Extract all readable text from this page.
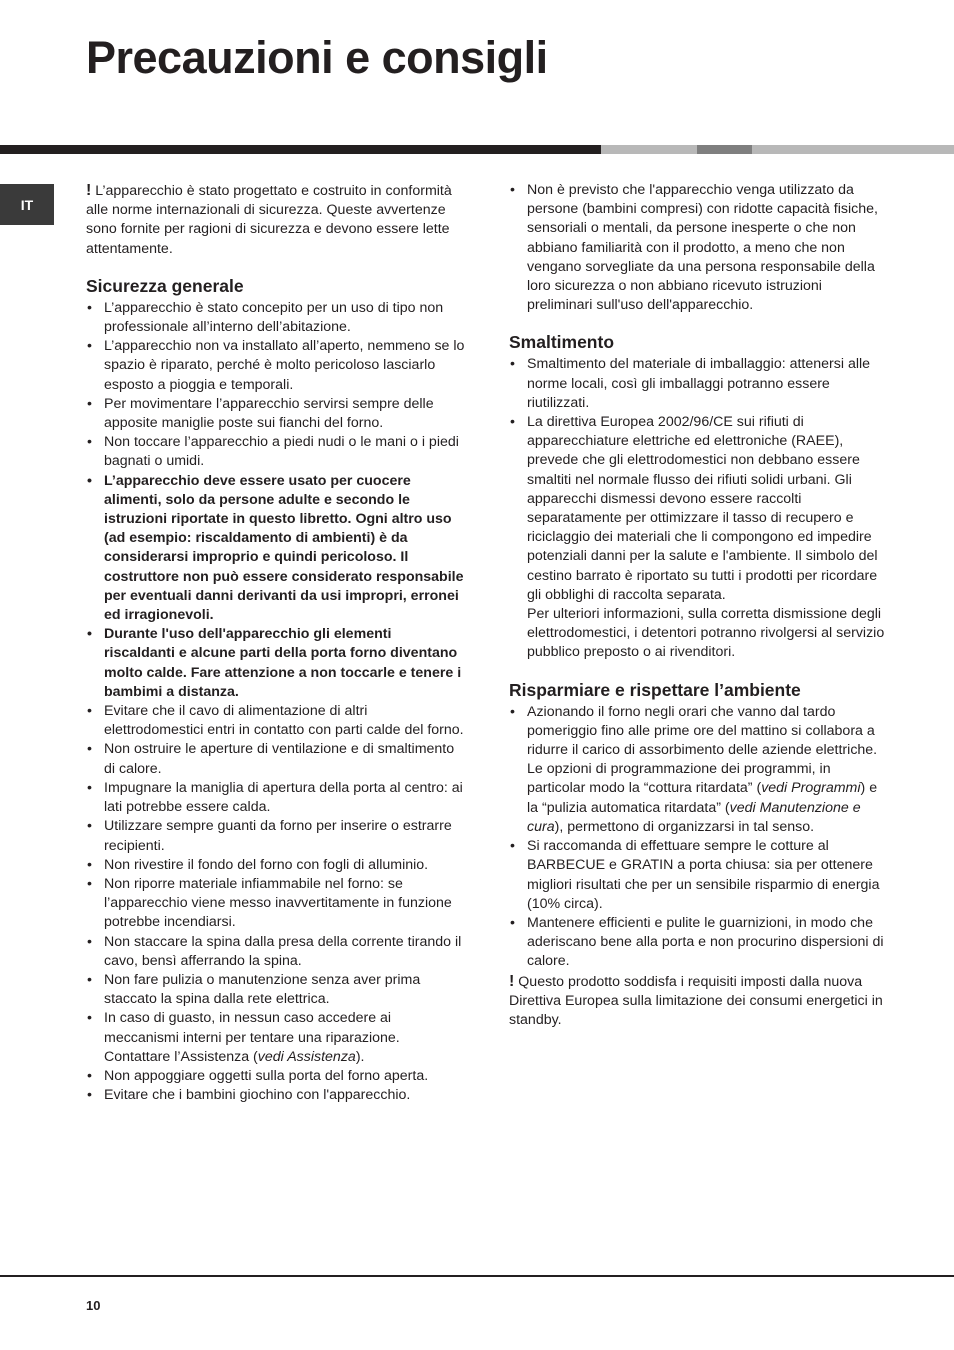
Precauzioni e consigli
IT

! L’apparecchio è stato progettato e costruito in conformità alle norme internazionali di sicurezza. Queste avvertenze sono fornite per ragioni di sicurezza e devono essere lette attentamente.

Sicurezza generale
• L’apparecchio è stato concepito per un uso di tipo non professionale all’interno dell’abitazione.
• L’apparecchio non va installato all’aperto, nemmeno se lo spazio è riparato, perché è molto pericoloso lasciarlo esposto a pioggia e temporali.
• Per movimentare l’apparecchio servirsi sempre delle apposite maniglie poste sui fianchi del forno.
• Non toccare l’apparecchio a piedi nudi o le mani o i piedi bagnati o umidi.
• L’apparecchio deve essere usato per cuocere alimenti, solo da persone adulte e secondo le istruzioni riportate in questo libretto. Ogni altro uso (ad esempio: riscaldamento di ambienti) è da considerarsi improprio e quindi pericoloso. Il costruttore non può essere considerato responsabile per eventuali danni derivanti da usi impropri, erronei ed irragionevoli.
• Durante l'uso dell'apparecchio gli elementi riscaldanti e alcune parti della porta forno diventano molto calde. Fare attenzione a non toccarle e tenere i bambimi a distanza.
• Evitare che il cavo di alimentazione di altri elettrodomestici entri in contatto con parti calde del forno.
• Non ostruire le aperture di ventilazione e di smaltimento di calore.
• Impugnare la maniglia di apertura della porta al centro: ai lati potrebbe essere calda.
• Utilizzare sempre guanti da forno per inserire o estrarre recipienti.
• Non rivestire il fondo del forno con fogli di alluminio.
• Non riporre materiale infiammabile nel forno: se l’apparecchio viene messo inavvertitamente in funzione potrebbe incendiarsi.
• Non staccare la spina dalla presa della corrente tirando il cavo, bensì afferrando la spina.
• Non fare pulizia o manutenzione senza aver prima staccato la spina dalla rete elettrica.
• In caso di guasto, in nessun caso accedere ai meccanismi interni per tentare una riparazione. Contattare l’Assistenza (vedi Assistenza).
• Non appoggiare oggetti sulla porta del forno aperta.
• Evitare che i bambini giochino con l'apparecchio.
• Non è previsto che l'apparecchio venga utilizzato da persone (bambini compresi) con ridotte capacità fisiche, sensoriali o mentali, da persone inesperte o che non abbiano familiarità con il prodotto, a meno che non vengano sorvegliate da una persona responsabile della loro sicurezza o non abbiano ricevuto istruzioni preliminari sull'uso dell'apparecchio.
Smaltimento
• Smaltimento del materiale di imballaggio: attenersi alle norme locali, così gli imballaggi potranno essere riutilizzati.
• La direttiva Europea 2002/96/CE sui rifiuti di apparecchiature elettriche ed elettroniche (RAEE), prevede che gli elettrodomestici non debbano essere smaltiti nel normale flusso dei rifiuti solidi urbani. Gli apparecchi dismessi devono essere raccolti separatamente per ottimizzare il tasso di recupero e riciclaggio dei materiali che li compongono ed impedire potenziali danni per la salute e l'ambiente. Il simbolo del cestino barrato è riportato su tutti i prodotti per ricordare gli obblighi di raccolta separata.
Per ulteriori informazioni, sulla corretta dismissione degli elettrodomestici, i detentori potranno rivolgersi al servizio pubblico preposto o ai rivenditori.
Risparmiare e rispettare l’ambiente
• Azionando il forno negli orari che vanno dal tardo pomeriggio fino alle prime ore del mattino si collabora a ridurre il carico di assorbimento delle aziende elettriche. Le opzioni di programmazione dei programmi, in particolar modo la “cottura ritardata” (vedi Programmi) e la “pulizia automatica ritardata” (vedi Manutenzione e cura), permettono di organizzarsi in tal senso.
• Si raccomanda di effettuare sempre le cotture al BARBECUE e GRATIN a porta chiusa: sia per ottenere migliori risultati che per un sensibile risparmio di energia (10% circa).
• Mantenere efficienti e pulite le guarnizioni, in modo che aderiscano bene alla porta e non procurino dispersioni di calore.

! Questo prodotto soddisfa i requisiti imposti dalla nuova Direttiva Europea sulla limitazione dei consumi energetici in standby.

10
